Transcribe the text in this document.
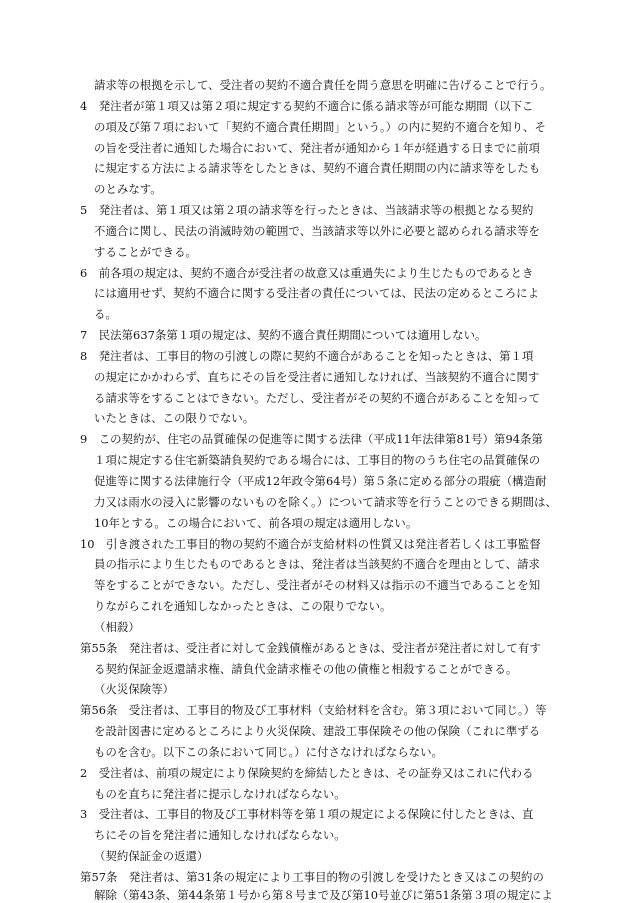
請求等の根拠を示して、受注者の契約不適合責任を問う意思を明確に告げることで行う。
4　発注者が第１項又は第２項に規定する契約不適合に係る請求等が可能な期間（以下こ
の項及び第７項において「契約不適合責任期間」という。）の内に契約不適合を知り、そ
の旨を受注者に通知した場合において、発注者が通知から１年が経過する日までに前項
に規定する方法による請求等をしたときは、契約不適合責任期間の内に請求等をしたも
のとみなす。
5　発注者は、第１項又は第２項の請求等を行ったときは、当該請求等の根拠となる契約
不適合に関し、民法の消滅時効の範囲で、当該請求等以外に必要と認められる請求等を
することができる。
6　前各項の規定は、契約不適合が受注者の故意又は重過失により生じたものであるとき
には適用せず、契約不適合に関する受注者の責任については、民法の定めるところによ
る。
7　民法第637条第１項の規定は、契約不適合責任期間については適用しない。
8　発注者は、工事目的物の引渡しの際に契約不適合があることを知ったときは、第１項
の規定にかかわらず、直ちにその旨を受注者に通知しなければ、当該契約不適合に関す
る請求等をすることはできない。ただし、受注者がその契約不適合があることを知って
いたときは、この限りでない。
9　この契約が、住宅の品質確保の促進等に関する法律（平成11年法律第81号）第94条第
１項に規定する住宅新築請負契約である場合には、工事目的物のうち住宅の品質確保の
促進等に関する法律施行令（平成12年政令第64号）第５条に定める部分の瑕疵（構造耐
力又は雨水の浸入に影響のないものを除く。）について請求等を行うことのできる期間は、
10年とする。この場合において、前各項の規定は適用しない。
10　引き渡された工事目的物の契約不適合が支給材料の性質又は発注者若しくは工事監督
員の指示により生じたものであるときは、発注者は当該契約不適合を理由として、請求
等をすることができない。ただし、受注者がその材料又は指示の不適当であることを知
りながらこれを通知しなかったときは、この限りでない。
（相殺）
第55条　発注者は、受注者に対して金銭債権があるときは、受注者が発注者に対して有す
る契約保証金返還請求権、請負代金請求権その他の債権と相殺することができる。
（火災保険等）
第56条　受注者は、工事目的物及び工事材料（支給材料を含む。第３項において同じ。）等
を設計図書に定めるところにより火災保険、建設工事保険その他の保険（これに準ずる
ものを含む。以下この条において同じ。）に付さなければならない。
2　受注者は、前項の規定により保険契約を締結したときは、その証券又はこれに代わる
ものを直ちに発注者に提示しなければならない。
3　受注者は、工事目的物及び工事材料等を第１項の規定による保険に付したときは、直
ちにその旨を発注者に通知しなければならない。
（契約保証金の返還）
第57条　発注者は、第31条の規定により工事目的物の引渡しを受けたとき又はこの契約の
解除（第43条、第44条第１号から第８号まで及び第10号並びに第51条第３項の規定によ
